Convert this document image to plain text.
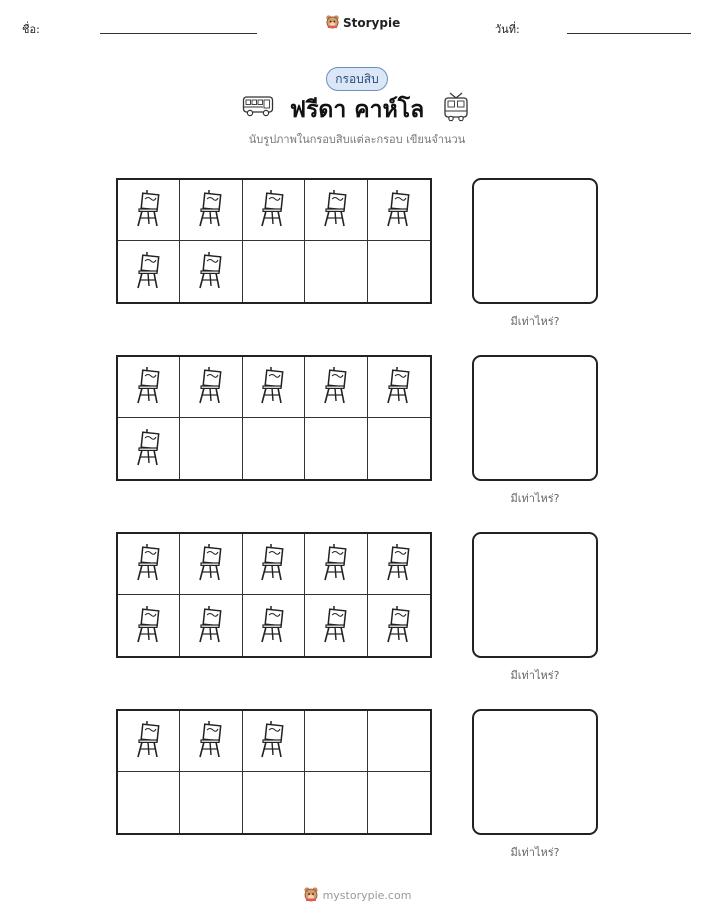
ชื่อ:	Storypie	วันที่:
กรอบสิบ
ฟรีดา คาห์โล
นับรูปภาพในกรอบสิบแต่ละกรอบ เขียนจำนวน
มีเท่าไหร่?
มีเท่าไหร่?
มีเท่าไหร่?
มีเท่าไหร่?
mystorypie.com
